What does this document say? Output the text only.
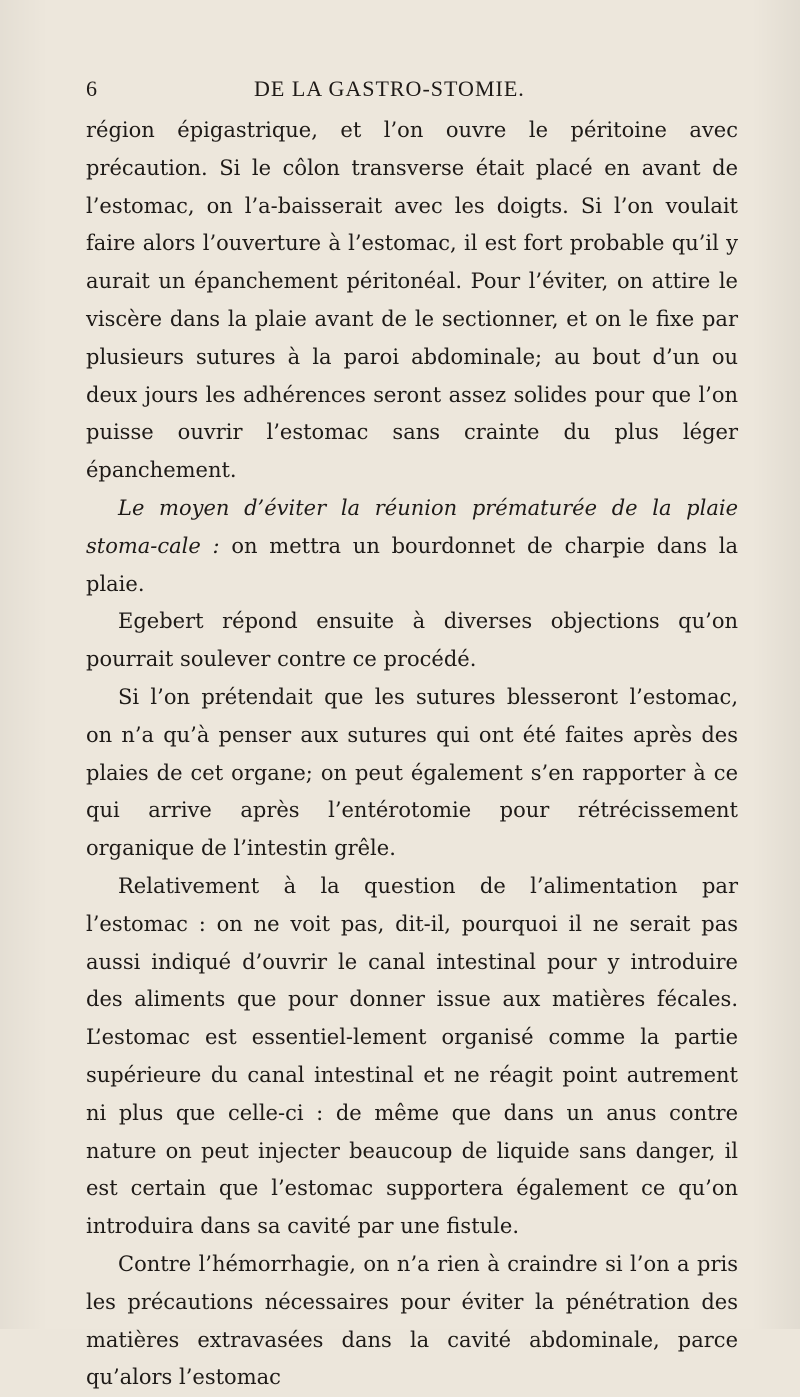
6	DE LA GASTRO-STOMIE.

région épigastrique, et l’on ouvre le péritoine avec précaution. Si le côlon transverse était placé en avant de l’estomac, on l’a-baisserait avec les doigts. Si l’on voulait faire alors l’ouverture à l’estomac, il est fort probable qu’il y aurait un épanchement péritonéal. Pour l’éviter, on attire le viscère dans la plaie avant de le sectionner, et on le fixe par plusieurs sutures à la paroi abdominale; au bout d’un ou deux jours les adhérences seront assez solides pour que l’on puisse ouvrir l’estomac sans crainte du plus léger épanchement.

Le moyen d’éviter la réunion prématurée de la plaie stoma-cale : on mettra un bourdonnet de charpie dans la plaie.

Egebert répond ensuite à diverses objections qu’on pourrait soulever contre ce procédé.

Si l’on prétendait que les sutures blesseront l’estomac, on n’a qu’à penser aux sutures qui ont été faites après des plaies de cet organe; on peut également s’en rapporter à ce qui arrive après l’entérotomie pour rétrécissement organique de l’intestin grêle.

Relativement à la question de l’alimentation par l’estomac : on ne voit pas, dit-il, pourquoi il ne serait pas aussi indiqué d’ouvrir le canal intestinal pour y introduire des aliments que pour donner issue aux matières fécales. L’estomac est essentiel-lement organisé comme la partie supérieure du canal intestinal et ne réagit point autrement ni plus que celle-ci : de même que dans un anus contre nature on peut injecter beaucoup de liquide sans danger, il est certain que l’estomac supportera également ce qu’on introduira dans sa cavité par une fistule.

Contre l’hémorrhagie, on n’a rien à craindre si l’on a pris les précautions nécessaires pour éviter la pénétration des matières extravasées dans la cavité abdominale, parce qu’alors l’estomac
